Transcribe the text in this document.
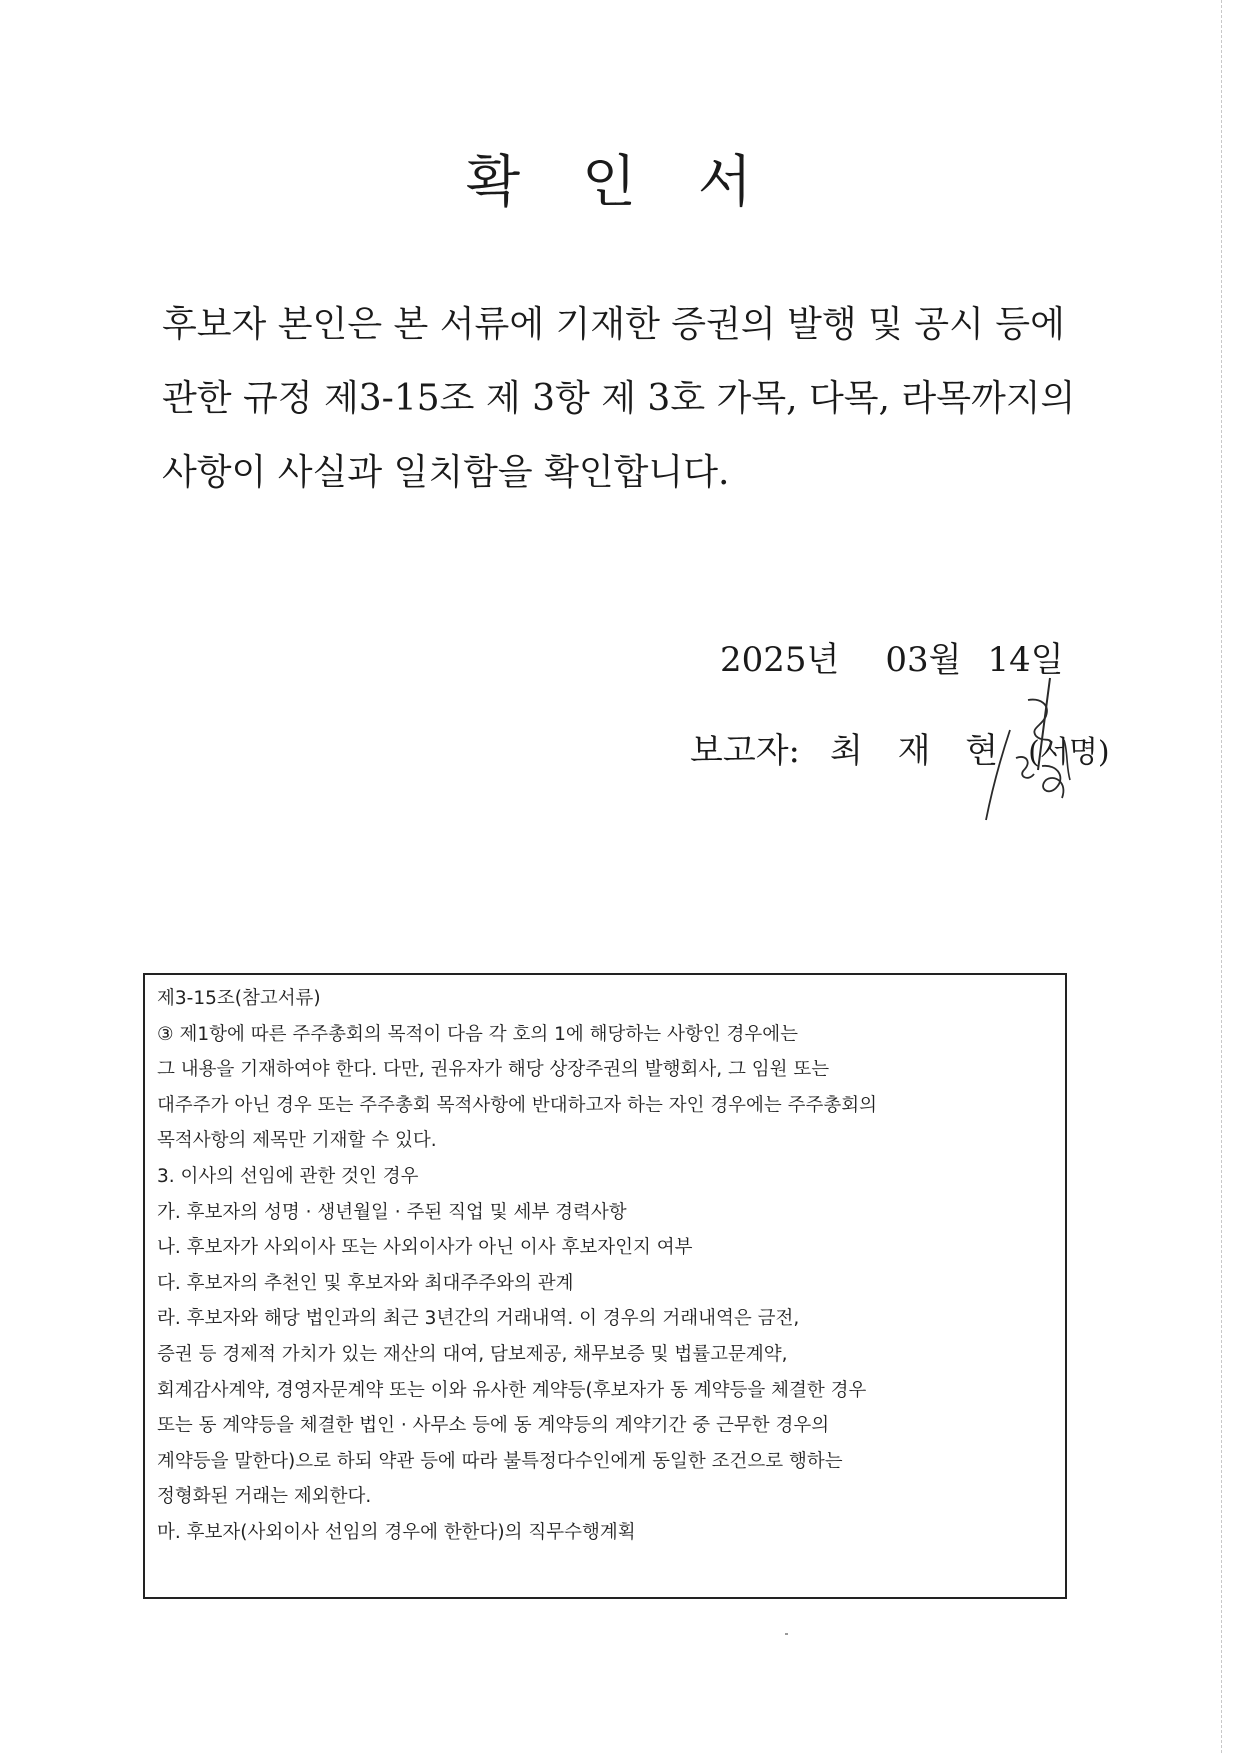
확 인 서
후보자 본인은 본 서류에 기재한 증권의 발행 및 공시 등에
관한 규정 제3-15조 제 3항 제 3호 가목, 다목, 라목까지의
사항이 사실과 일치함을 확인합니다.
2025년 03월 14일
보고자: 최 재 현 (서명)
제3-15조(참고서류)
③ 제1항에 따른 주주총회의 목적이 다음 각 호의 1에 해당하는 사항인 경우에는
그 내용을 기재하여야 한다. 다만, 권유자가 해당 상장주권의 발행회사, 그 임원 또는
대주주가 아닌 경우 또는 주주총회 목적사항에 반대하고자 하는 자인 경우에는 주주총회의
목적사항의 제목만 기재할 수 있다.
3. 이사의 선임에 관한 것인 경우
가. 후보자의 성명 · 생년월일 · 주된 직업 및 세부 경력사항
나. 후보자가 사외이사 또는 사외이사가 아닌 이사 후보자인지 여부
다. 후보자의 추천인 및 후보자와 최대주주와의 관계
라. 후보자와 해당 법인과의 최근 3년간의 거래내역. 이 경우의 거래내역은 금전,
증권 등 경제적 가치가 있는 재산의 대여, 담보제공, 채무보증 및 법률고문계약,
회계감사계약, 경영자문계약 또는 이와 유사한 계약등(후보자가 동 계약등을 체결한 경우
또는 동 계약등을 체결한 법인 · 사무소 등에 동 계약등의 계약기간 중 근무한 경우의
계약등을 말한다)으로 하되 약관 등에 따라 불특정다수인에게 동일한 조건으로 행하는
정형화된 거래는 제외한다.
마. 후보자(사외이사 선임의 경우에 한한다)의 직무수행계획
